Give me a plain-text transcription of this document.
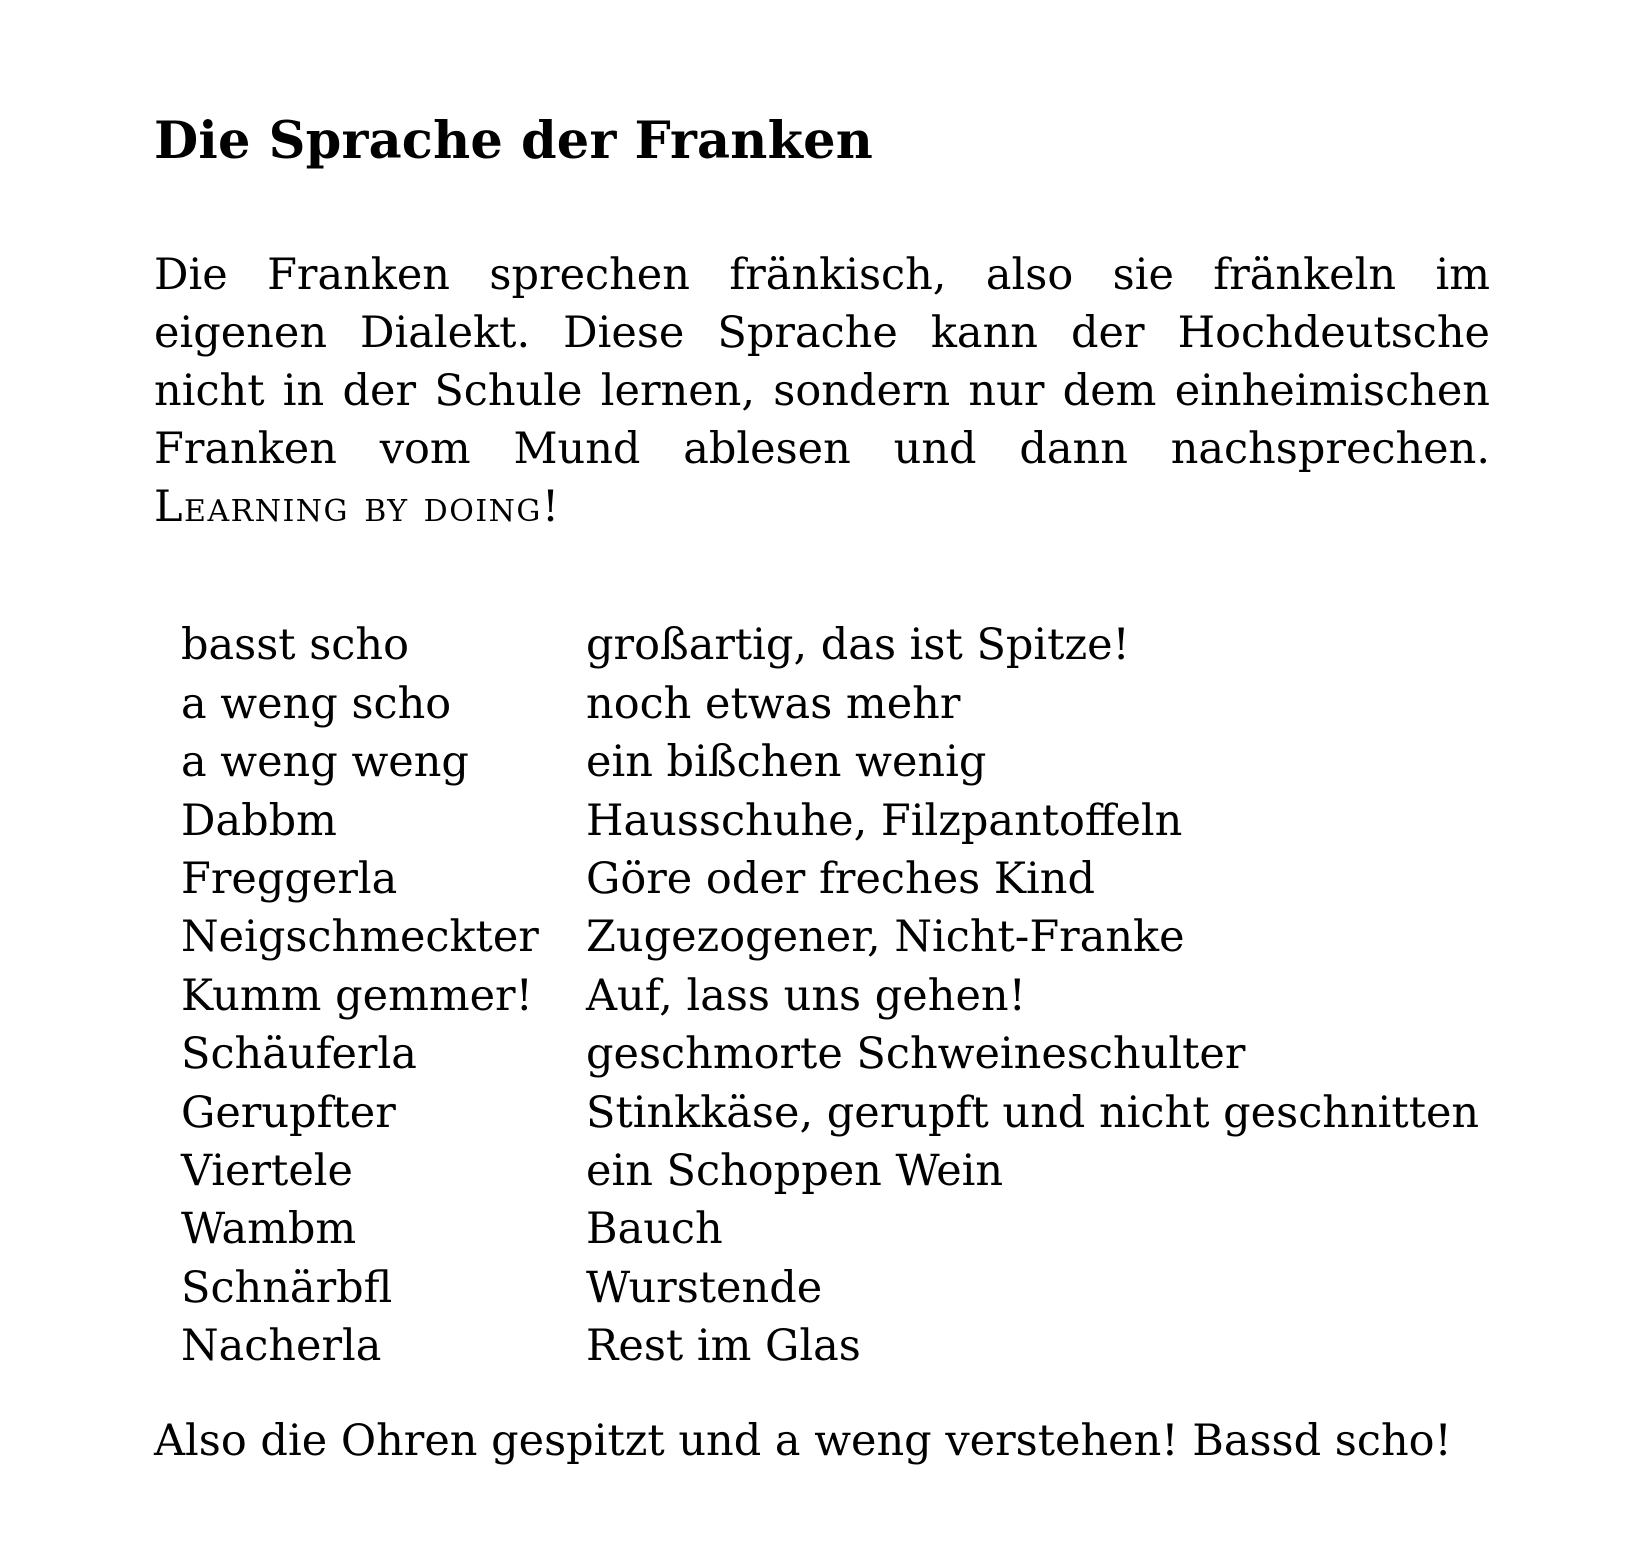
Die Sprache der Franken

Die Franken sprechen fränkisch, also sie fränkeln im eigenen Dialekt. Diese Sprache kann der Hochdeutsche nicht in der Schule lernen, sondern nur dem einheimischen Franken vom Mund ablesen und dann nachsprechen. Learning by doing!

basst scho	großartig, das ist Spitze!
a weng scho	noch etwas mehr
a weng weng	ein bißchen wenig
Dabbm	Hausschuhe, Filzpantoffeln
Freggerla	Göre oder freches Kind
Neigschmeckter	Zugezogener, Nicht-Franke
Kumm gemmer!	Auf, lass uns gehen!
Schäuferla	geschmorte Schweineschulter
Gerupfter	Stinkkäse, gerupft und nicht geschnitten
Viertele	ein Schoppen Wein
Wambm	Bauch
Schnärbfl	Wurstende
Nacherla	Rest im Glas

Also die Ohren gespitzt und a weng verstehen! Bassd scho!
